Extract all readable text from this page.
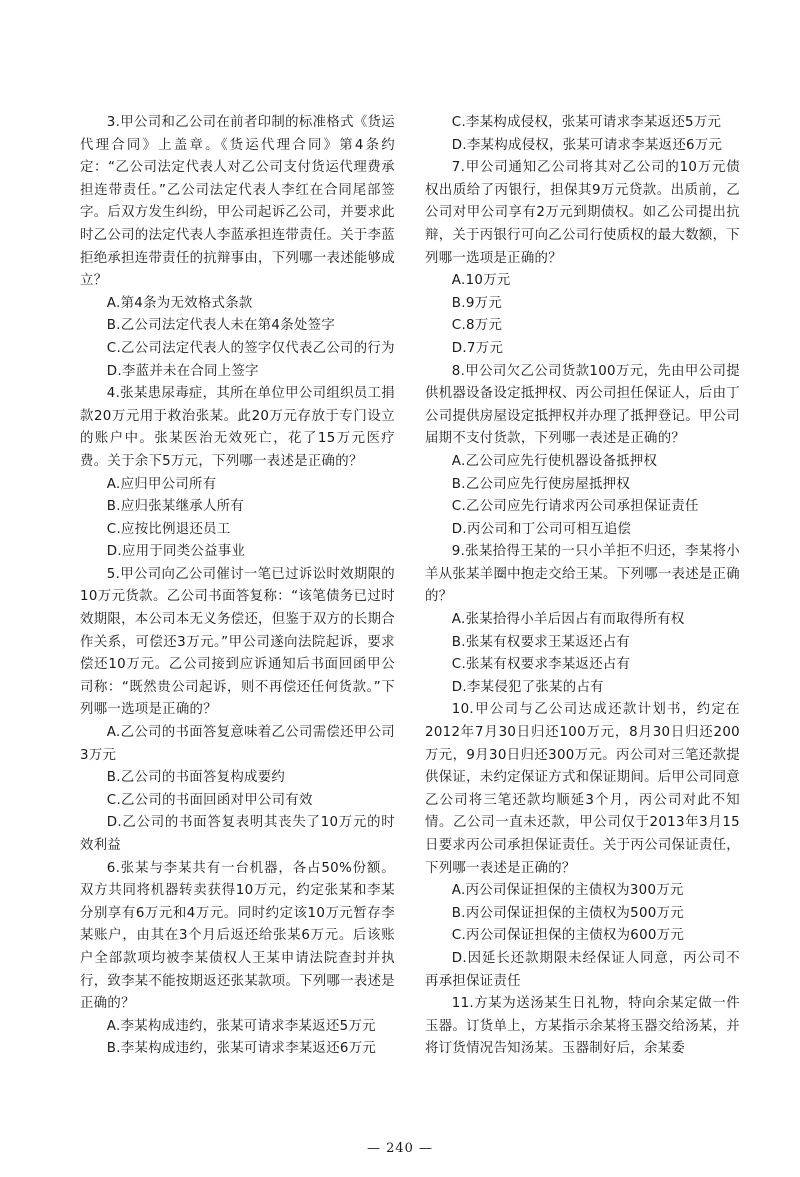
3.甲公司和乙公司在前者印制的标准格式《货运代理合同》上盖章。《货运代理合同》第4条约定：“乙公司法定代表人对乙公司支付货运代理费承担连带责任。”乙公司法定代表人李红在合同尾部签字。后双方发生纠纷，甲公司起诉乙公司，并要求此时乙公司的法定代表人李蓝承担连带责任。关于李蓝拒绝承担连带责任的抗辩事由，下列哪一表述能够成立？

A.第4条为无效格式条款

B.乙公司法定代表人未在第4条处签字

C.乙公司法定代表人的签字仅代表乙公司的行为

D.李蓝并未在合同上签字

4.张某患尿毒症，其所在单位甲公司组织员工捐款20万元用于救治张某。此20万元存放于专门设立的账户中。张某医治无效死亡，花了15万元医疗费。关于余下5万元，下列哪一表述是正确的？

A.应归甲公司所有

B.应归张某继承人所有

C.应按比例退还员工

D.应用于同类公益事业

5.甲公司向乙公司催讨一笔已过诉讼时效期限的10万元货款。乙公司书面答复称：“该笔债务已过时效期限，本公司本无义务偿还，但鉴于双方的长期合作关系，可偿还3万元。”甲公司遂向法院起诉，要求偿还10万元。乙公司接到应诉通知后书面回函甲公司称：“既然贵公司起诉，则不再偿还任何货款。”下列哪一选项是正确的？

A.乙公司的书面答复意味着乙公司需偿还甲公司3万元

B.乙公司的书面答复构成要约

C.乙公司的书面回函对甲公司有效

D.乙公司的书面答复表明其丧失了10万元的时效利益

6.张某与李某共有一台机器，各占50%份额。双方共同将机器转卖获得10万元，约定张某和李某分别享有6万元和4万元。同时约定该10万元暂存李某账户，由其在3个月后返还给张某6万元。后该账户全部款项均被李某债权人王某申请法院查封并执行，致李某不能按期返还张某款项。下列哪一表述是正确的？

A.李某构成违约，张某可请求李某返还5万元

B.李某构成违约，张某可请求李某返还6万元

C.李某构成侵权，张某可请求李某返还5万元

D.李某构成侵权，张某可请求李某返还6万元

7.甲公司通知乙公司将其对乙公司的10万元债权出质给了丙银行，担保其9万元贷款。出质前，乙公司对甲公司享有2万元到期债权。如乙公司提出抗辩，关于丙银行可向乙公司行使质权的最大数额，下列哪一选项是正确的？

A.10万元

B.9万元

C.8万元

D.7万元

8.甲公司欠乙公司货款100万元，先由甲公司提供机器设备设定抵押权、丙公司担任保证人，后由丁公司提供房屋设定抵押权并办理了抵押登记。甲公司届期不支付货款，下列哪一表述是正确的？

A.乙公司应先行使机器设备抵押权

B.乙公司应先行使房屋抵押权

C.乙公司应先行请求丙公司承担保证责任

D.丙公司和丁公司可相互追偿

9.张某拾得王某的一只小羊拒不归还，李某将小羊从张某羊圈中抱走交给王某。下列哪一表述是正确的？

A.张某拾得小羊后因占有而取得所有权

B.张某有权要求王某返还占有

C.张某有权要求李某返还占有

D.李某侵犯了张某的占有

10.甲公司与乙公司达成还款计划书，约定在2012年7月30日归还100万元，8月30日归还200万元，9月30日归还300万元。丙公司对三笔还款提供保证，未约定保证方式和保证期间。后甲公司同意乙公司将三笔还款均顺延3个月，丙公司对此不知情。乙公司一直未还款，甲公司仅于2013年3月15日要求丙公司承担保证责任。关于丙公司保证责任，下列哪一表述是正确的？

A.丙公司保证担保的主债权为300万元

B.丙公司保证担保的主债权为500万元

C.丙公司保证担保的主债权为600万元

D.因延长还款期限未经保证人同意，丙公司不再承担保证责任

11.方某为送汤某生日礼物，特向余某定做一件玉器。订货单上，方某指示余某将玉器交给汤某，并将订货情况告知汤某。玉器制好后，余某委

— 240 —
